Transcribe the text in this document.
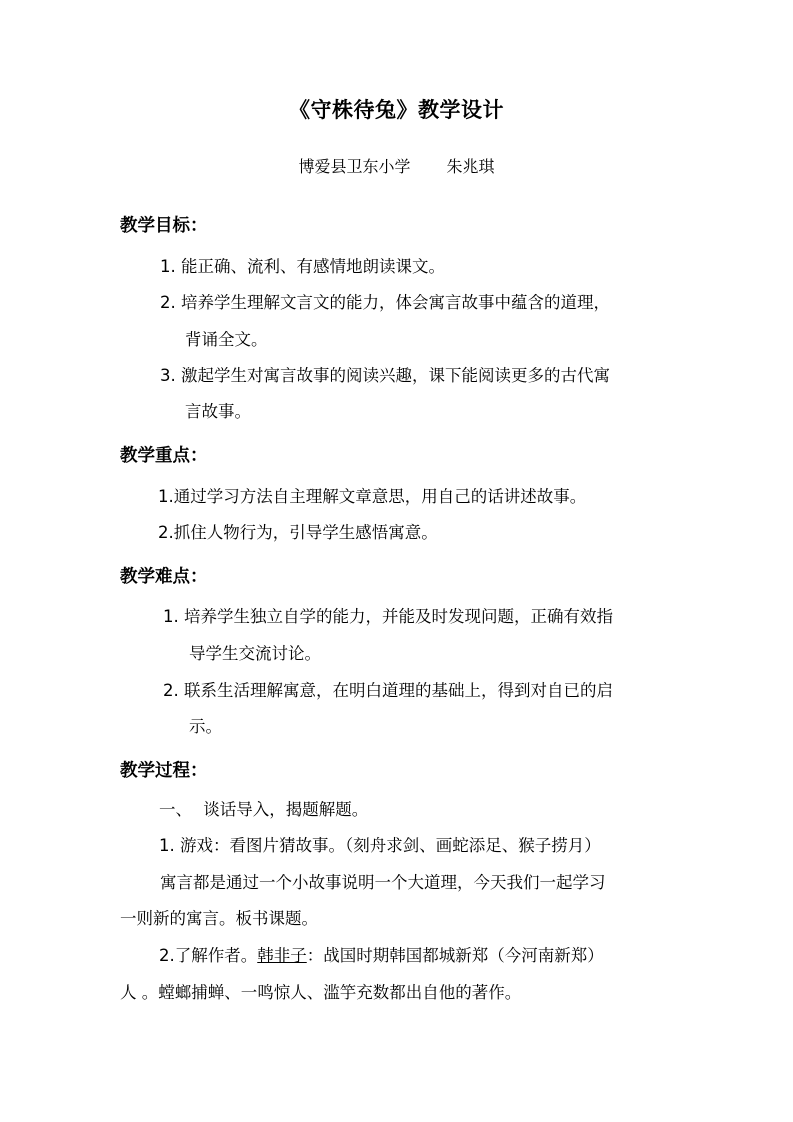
《守株待兔》教学设计
博爱县卫东小学 朱兆琪
教学目标：
1. 能正确、流利、有感情地朗读课文。
2. 培养学生理解文言文的能力，体会寓言故事中蕴含的道理，
背诵全文。
3. 激起学生对寓言故事的阅读兴趣，课下能阅读更多的古代寓
言故事。
教学重点：
1.通过学习方法自主理解文章意思，用自己的话讲述故事。
2.抓住人物行为，引导学生感悟寓意。
教学难点：
1. 培养学生独立自学的能力，并能及时发现问题，正确有效指
导学生交流讨论。
2. 联系生活理解寓意，在明白道理的基础上，得到对自已的启
示。
教学过程：
一、 谈话导入，揭题解题。
1. 游戏：看图片猜故事。（刻舟求剑、画蛇添足、猴子捞月）
寓言都是通过一个小故事说明一个大道理，今天我们一起学习
一则新的寓言。板书课题。
2.了解作者。韩非子：战国时期韩国都城新郑（今河南新郑）
人 。螳螂捕蝉、一鸣惊人、滥竽充数都出自他的著作。
